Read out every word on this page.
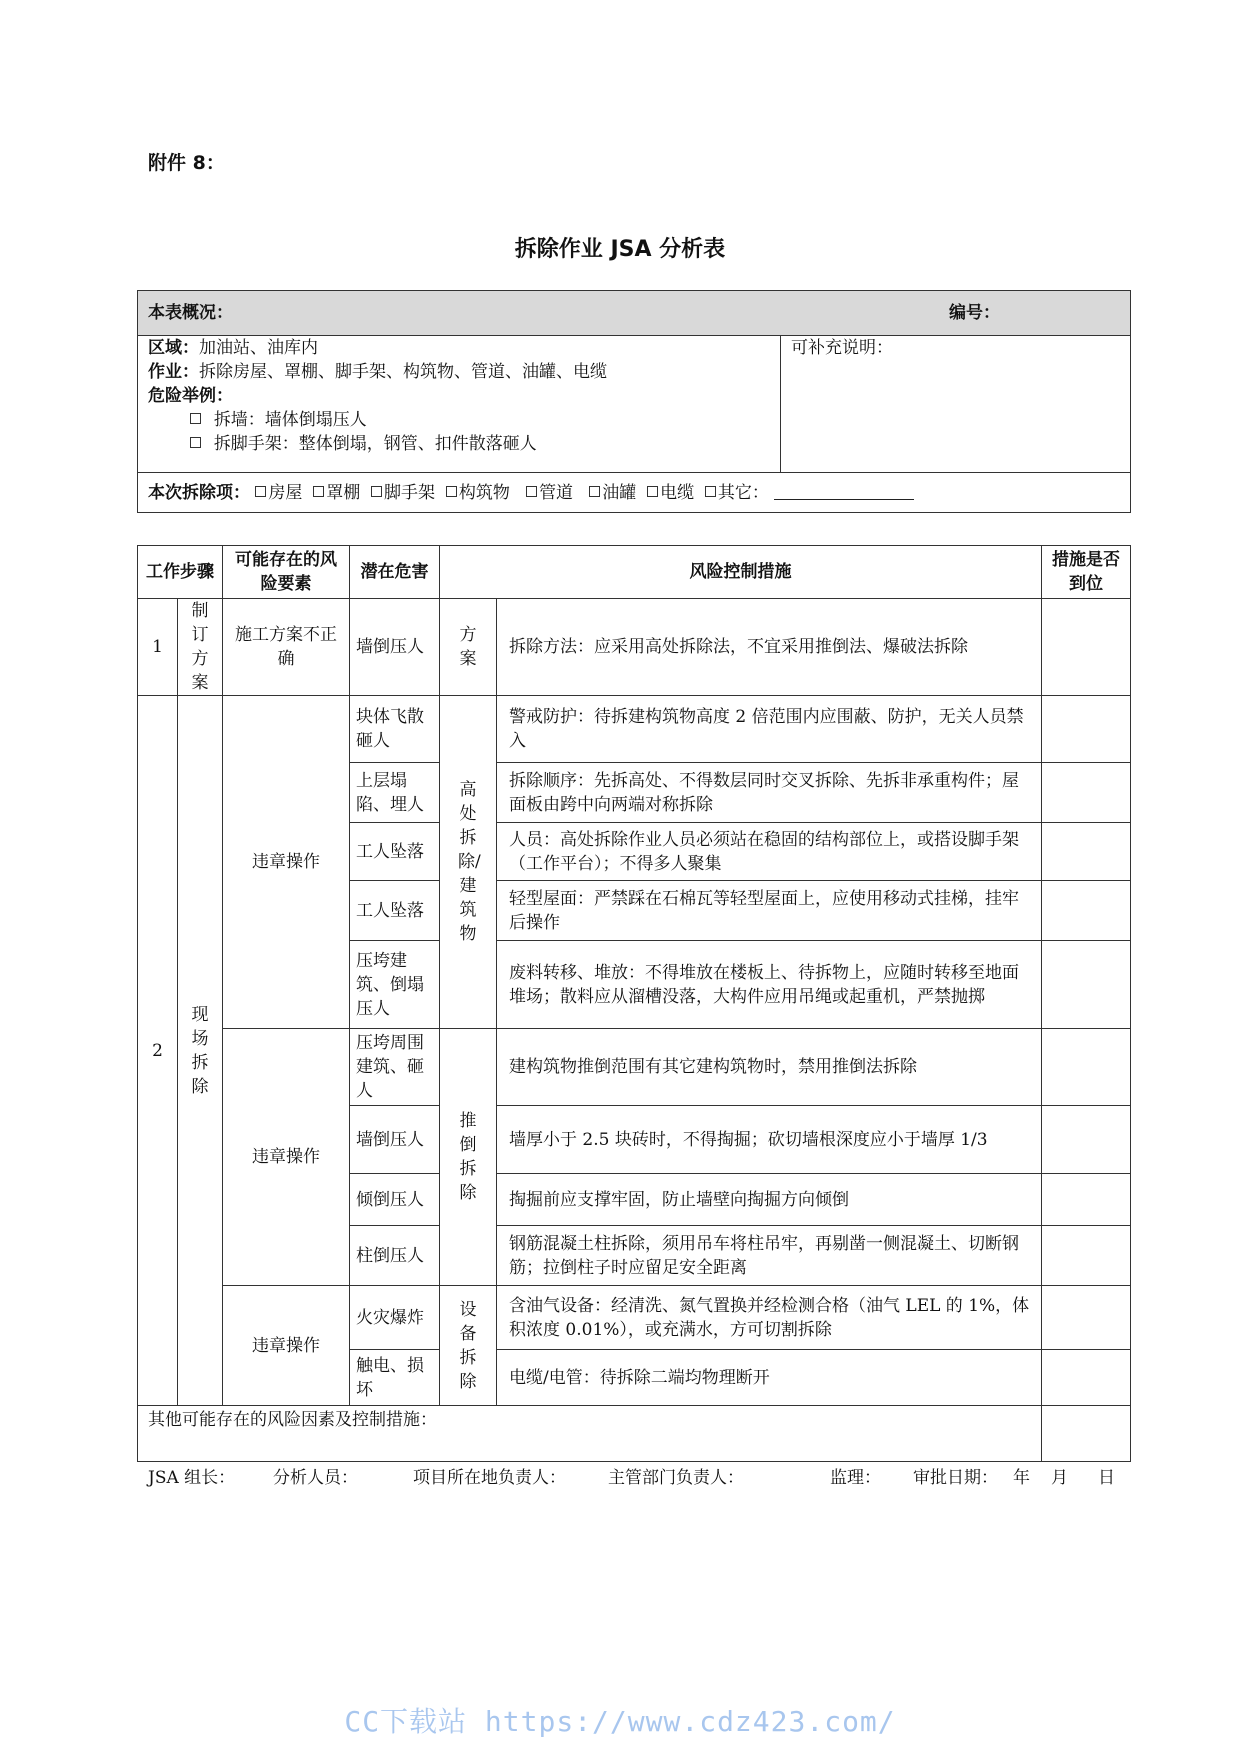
附件 8：
拆除作业 JSA 分析表
本表概况：	编号：

区域：加油站、油库内
作业：拆除房屋、罩棚、脚手架、构筑物、管道、油罐、电缆
危险举例：
拆墙：墙体倒塌压人
拆脚手架：整体倒塌，钢管、扣件散落砸人
	可补充说明：
本次拆除项： 房屋 罩棚 脚手架 构筑物 管道 油罐 电缆 其它：
工作步骤		可能存在的风险要素	潜在危害	风险控制措施		措施是否到位
1	制订方案	施工方案不正确	墙倒压人	方案	拆除方法：应采用高处拆除法，不宜采用推倒法、爆破法拆除	
2	现场拆除	违章操作	块体飞散砸人	高处拆除/建筑物	警戒防护：待拆建构筑物高度 2 倍范围内应围蔽、防护，无关人员禁入	
			上层塌陷、埋人		拆除顺序：先拆高处、不得数层同时交叉拆除、先拆非承重构件；屋面板由跨中向两端对称拆除	
			工人坠落		人员：高处拆除作业人员必须站在稳固的结构部位上，或搭设脚手架（工作平台）；不得多人聚集	
			工人坠落		轻型屋面：严禁踩在石棉瓦等轻型屋面上，应使用移动式挂梯，挂牢后操作	
			压垮建筑、倒塌压人		废料转移、堆放：不得堆放在楼板上、待拆物上，应随时转移至地面堆场；散料应从溜槽没落，大构件应用吊绳或起重机，严禁抛掷	
		违章操作	压垮周围建筑、砸人	推倒拆除	建构筑物推倒范围有其它建构筑物时，禁用推倒法拆除	
			墙倒压人		墙厚小于 2.5 块砖时，不得掏掘；砍切墙根深度应小于墙厚 1/3	
			倾倒压人		掏掘前应支撑牢固，防止墙壁向掏掘方向倾倒	
			柱倒压人		钢筋混凝土柱拆除，须用吊车将柱吊牢，再剔凿一侧混凝土、切断钢筋；拉倒柱子时应留足安全距离	
		违章操作	火灾爆炸	设备拆除	含油气设备：经清洗、氮气置换并经检测合格（油气 LEL 的 1%，体积浓度 0.01%），或充满水，方可切割拆除	
			触电、损坏		电缆/电管：待拆除二端均物理断开	
其他可能存在的风险因素及控制措施：						
JSA 组长： 分析人员：	项目所在地负责人： 主管部门负责人：	监理： 审批日期： 年 月 日
CC下载站 https://www.cdz423.com/
